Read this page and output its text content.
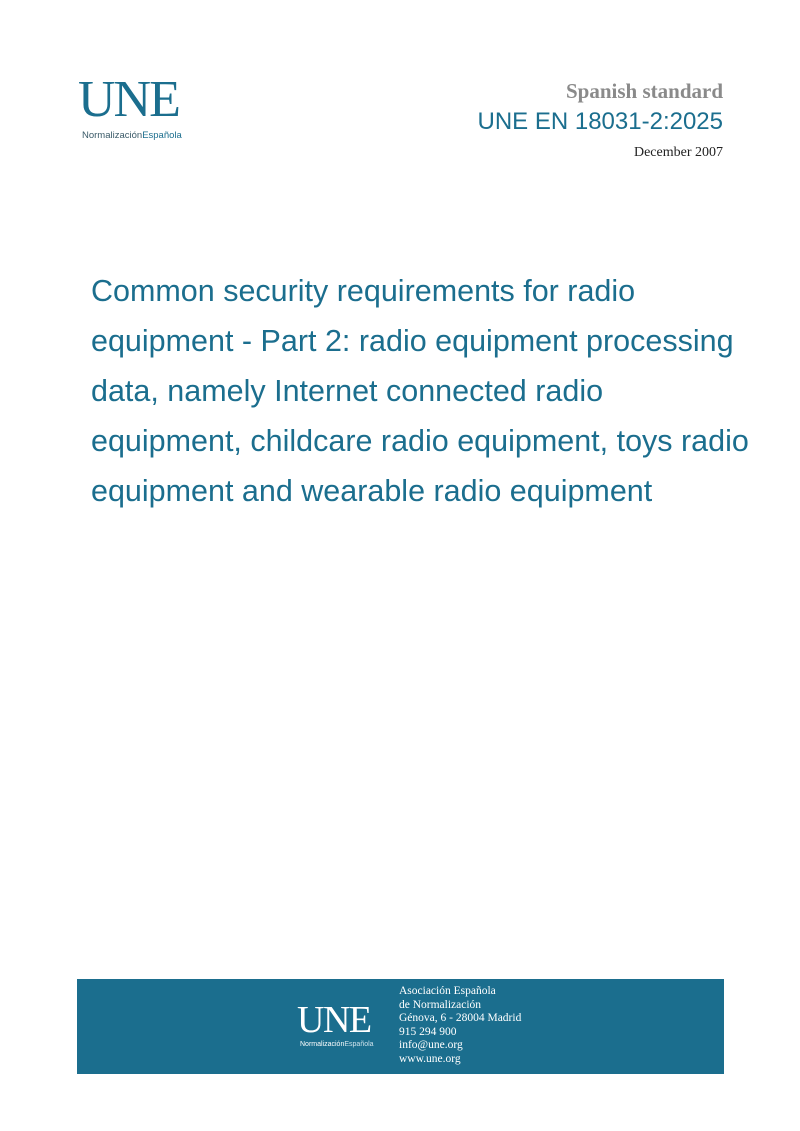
UNE
NormalizaciónEspañola
Spanish standard
UNE EN 18031-2:2025
December 2007
Common security requirements for radio equipment - Part 2: radio equipment processing data, namely Internet connected radio equipment, childcare radio equipment, toys radio equipment and wearable radio equipment
UNE
NormalizaciónEspañola
Asociación Española
de Normalización
Génova, 6 - 28004 Madrid
915 294 900
info@une.org
www.une.org
